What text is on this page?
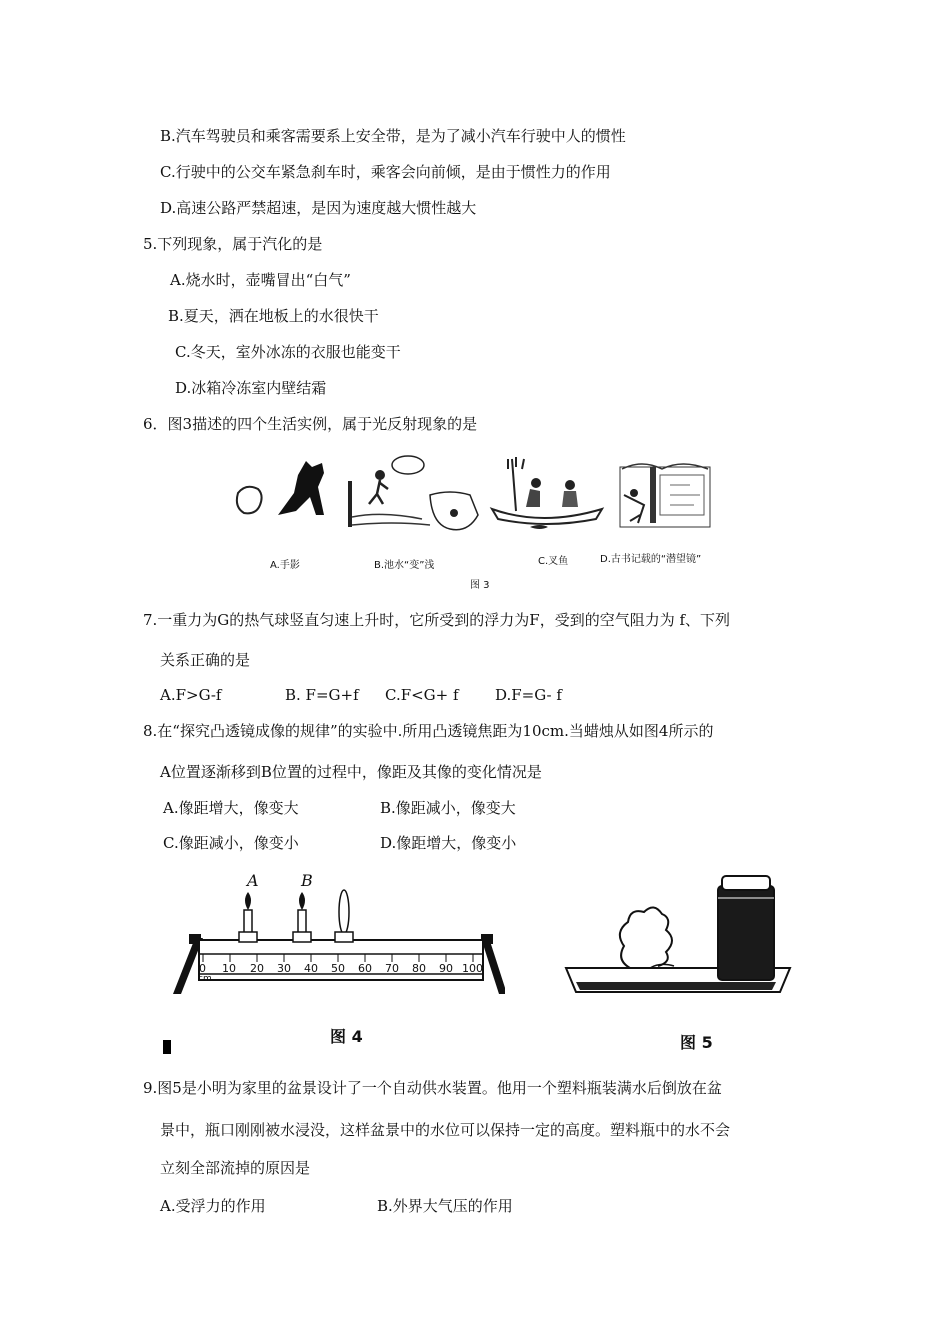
B.汽车驾驶员和乘客需要系上安全带，是为了减小汽车行驶中人的惯性
C.行驶中的公交车紧急刹车时，乘客会向前倾，是由于惯性力的作用
D.高速公路严禁超速，是因为速度越大惯性越大
5.下列现象，属于汽化的是
A.烧水时，壶嘴冒出“白气”
B.夏天，洒在地板上的水很快干
C.冬天，室外冰冻的衣服也能变干
D.冰箱冷冻室内壁结霜
6．图3描述的四个生活实例，属于光反射现象的是
A.手影	B.池水“变”浅	C.叉鱼	D.古书记载的“潜望镜”
图 3
7.一重力为G的热气球竖直匀速上升时，它所受到的浮力为F，受到的空气阻力为 f、下列
关系正确的是
A.F>G-f	B. F=G+f C.F<G+ f D.F=G- f
8.在“探究凸透镜成像的规律”的实验中.所用凸透镜焦距为10cm.当蜡烛从如图4所示的
A位置逐渐移到B位置的过程中，像距及其像的变化情况是
A.像距增大，像变大	B.像距减小，像变大
C.像距减小，像变小	D.像距增大，像变小
A	B
0
cm
10 20 30 40 50 60 70 80 90 100
图 4	图 5
9.图5是小明为家里的盆景设计了一个自动供水装置。他用一个塑料瓶装满水后倒放在盆
景中，瓶口刚刚被水浸没，这样盆景中的水位可以保持一定的高度。塑料瓶中的水不会
立刻全部流掉的原因是
A.受浮力的作用	B.外界大气压的作用
